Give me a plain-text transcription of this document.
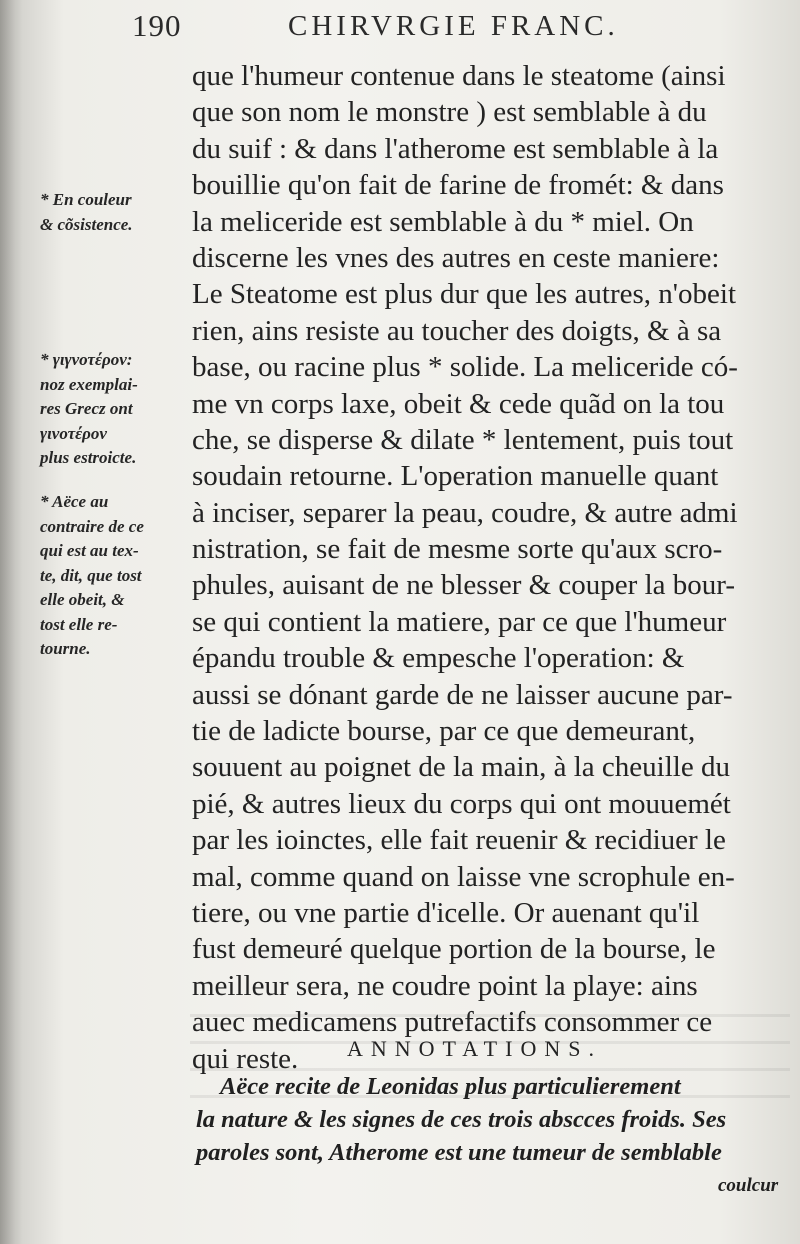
190	CHIRVRGIE FRANC.
que l'humeur contenue dans le steatome (ainsi
que son nom le monstre ) est semblable à du
du suif : & dans l'atherome est semblable à la
bouillie qu'on fait de farine de fromét: & dans
la meliceride est semblable à du * miel. On
discerne les vnes des autres en ceste maniere:
Le Steatome est plus dur que les autres, n'obeit
rien, ains resiste au toucher des doigts, & à sa
base, ou racine plus * solide. La meliceride có-
me vn corps laxe, obeit & cede quãd on la tou
che, se disperse & dilate * lentement, puis tout
soudain retourne. L'operation manuelle quant
à inciser, separer la peau, coudre, & autre admi
nistration, se fait de mesme sorte qu'aux scro-
phules, auisant de ne blesser & couper la bour-
se qui contient la matiere, par ce que l'humeur
épandu trouble & empesche l'operation: &
aussi se dónant garde de ne laisser aucune par-
tie de ladicte bourse, par ce que demeurant,
souuent au poignet de la main, à la cheuille du
pié, & autres lieux du corps qui ont mouuemét
par les ioinctes, elle fait reuenir & recidiuer le
mal, comme quand on laisse vne scrophule en-
tiere, ou vne partie d'icelle. Or auenant qu'il
fust demeuré quelque portion de la bourse, le
meilleur sera, ne coudre point la playe: ains
auec medicamens putrefactifs consommer ce
qui reste.
* En couleur
& cõsistence.
* γιγνοτέρον:
noz exemplai-
res Grecz ont
γινοτέρον
plus estroicte.
* Aëce au
contraire de ce
qui est au tex-
te, dit, que tost
elle obeit, &
tost elle re-
tourne.
ANNOTATIONS.
Aëce recite de Leonidas plus particulierement
la nature & les signes de ces trois abscces froids. Ses
paroles sont, Atherome est une tumeur de semblable
coulcur
